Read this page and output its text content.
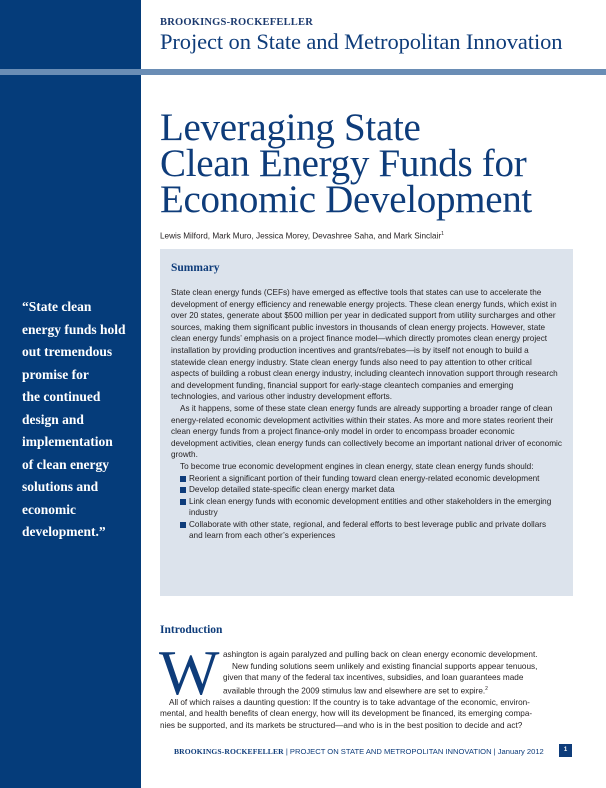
BROOKINGS-ROCKEFELLER
Project on State and Metropolitan Innovation
Leveraging State
Clean Energy Funds for
Economic Development
Lewis Milford, Mark Muro, Jessica Morey, Devashree Saha, and Mark Sinclair$^1$
“State clean
energy funds hold
out tremendous
promise for
the continued
design and
implementation
of clean energy
solutions and
economic
development.”
Summary

State clean energy funds (CEFs) have emerged as effective tools that states can use to accelerate the development of energy efficiency and renewable energy projects. These clean energy funds, which exist in over 20 states, generate about $500 million per year in dedicated support from utility surcharges and other sources, making them significant public investors in thousands of clean energy projects. However, state clean energy funds’ emphasis on a project finance model—which directly promotes clean energy project installation by providing production incentives and grants/rebates—is by itself not enough to build a statewide clean energy industry. State clean energy funds also need to pay attention to other critical aspects of building a robust clean energy industry, including cleantech innovation support through research and development funding, financial support for early-stage cleantech companies and emerging technologies, and various other industry development efforts.

As it happens, some of these state clean energy funds are already supporting a broader range of clean energy-related economic development activities within their states. As more and more states reorient their clean energy funds from a project finance-only model in order to encompass broader economic development activities, clean energy funds can collectively become an important national driver of economic growth.

To become true economic development engines in clean energy, state clean energy funds should:

Reorient a significant portion of their funding toward clean energy-related economic development
Develop detailed state-specific clean energy market data
Link clean energy funds with economic development entities and other stakeholders in the emerging industry
Collaborate with other state, regional, and federal efforts to best leverage public and private dollars and learn from each other’s experiences
Introduction
W ashington is again paralyzed and pulling back on clean energy economic development.
New funding solutions seem unlikely and existing financial supports appear tenuous,
given that many of the federal tax incentives, subsidies, and loan guarantees made
available through the 2009 stimulus law and elsewhere are set to expire.$^2$
All of which raises a daunting question: If the country is to take advantage of the economic, environ-
mental, and health benefits of clean energy, how will its development be financed, its emerging compa-
nies be supported, and its markets be structured—and who is in the best position to decide and act?
BROOKINGS-ROCKEFELLER | PROJECT ON STATE AND METROPOLITAN INNOVATION | January 2012	1
